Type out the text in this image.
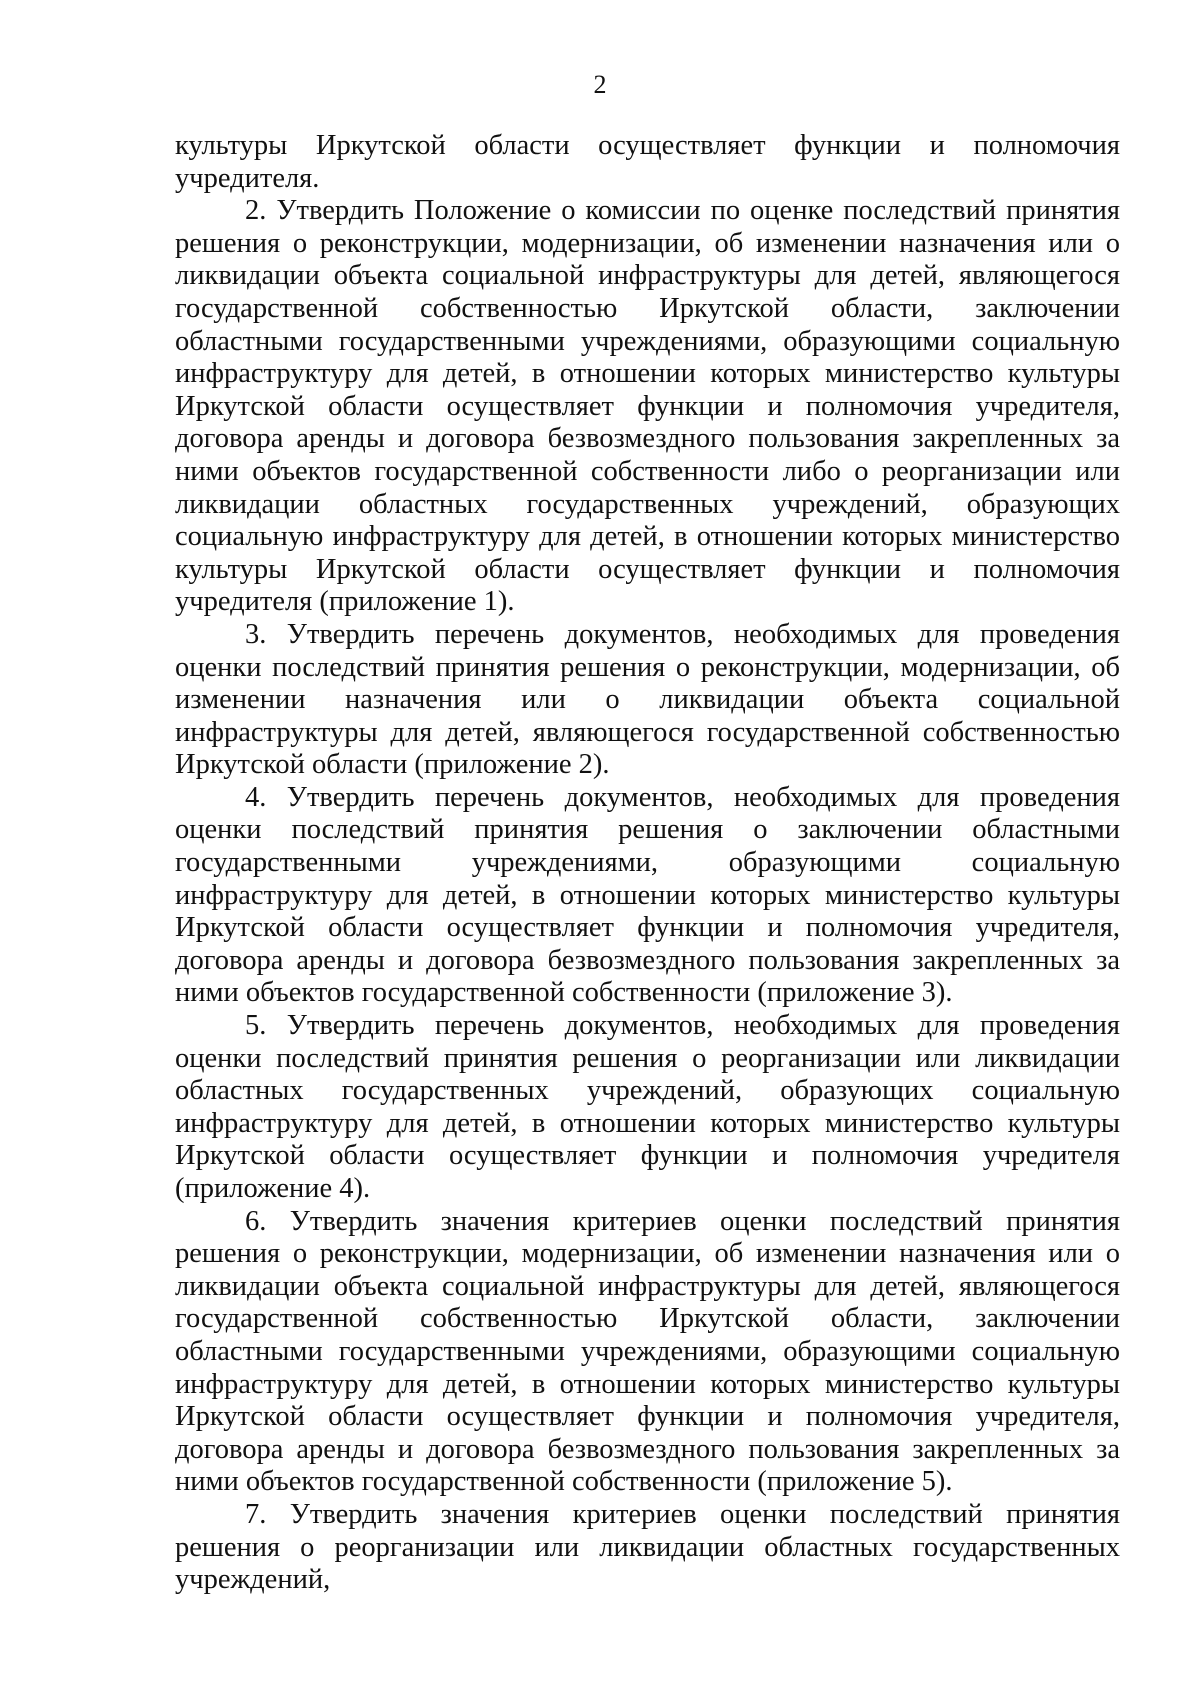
2

культуры Иркутской области осуществляет функции и полномочия учредителя.

2. Утвердить Положение о комиссии по оценке последствий принятия решения о реконструкции, модернизации, об изменении назначения или о ликвидации объекта социальной инфраструктуры для детей, являющегося государственной собственностью Иркутской области, заключении областными государственными учреждениями, образующими социальную инфраструктуру для детей, в отношении которых министерство культуры Иркутской области осуществляет функции и полномочия учредителя, договора аренды и договора безвозмездного пользования закрепленных за ними объектов государственной собственности либо о реорганизации или ликвидации областных государственных учреждений, образующих социальную инфраструктуру для детей, в отношении которых министерство культуры Иркутской области осуществляет функции и полномочия учредителя (приложение 1).

3. Утвердить перечень документов, необходимых для проведения оценки последствий принятия решения о реконструкции, модернизации, об изменении назначения или о ликвидации объекта социальной инфраструктуры для детей, являющегося государственной собственностью Иркутской области (приложение 2).

4. Утвердить перечень документов, необходимых для проведения оценки последствий принятия решения о заключении областными государственными учреждениями, образующими социальную инфраструктуру для детей, в отношении которых министерство культуры Иркутской области осуществляет функции и полномочия учредителя, договора аренды и договора безвозмездного пользования закрепленных за ними объектов государственной собственности (приложение 3).

5. Утвердить перечень документов, необходимых для проведения оценки последствий принятия решения о реорганизации или ликвидации областных государственных учреждений, образующих социальную инфраструктуру для детей, в отношении которых министерство культуры Иркутской области осуществляет функции и полномочия учредителя (приложение 4).

6. Утвердить значения критериев оценки последствий принятия решения о реконструкции, модернизации, об изменении назначения или о ликвидации объекта социальной инфраструктуры для детей, являющегося государственной собственностью Иркутской области, заключении областными государственными учреждениями, образующими социальную инфраструктуру для детей, в отношении которых министерство культуры Иркутской области осуществляет функции и полномочия учредителя, договора аренды и договора безвозмездного пользования закрепленных за ними объектов государственной собственности (приложение 5).

7. Утвердить значения критериев оценки последствий принятия решения о реорганизации или ликвидации областных государственных учреждений,
